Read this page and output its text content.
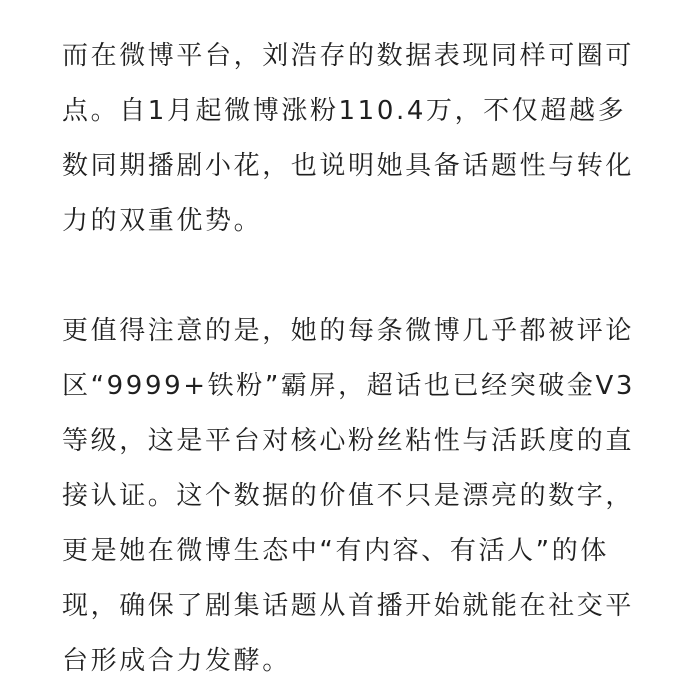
而在微博平台，刘浩存的数据表现同样可圈可点。自1月起微博涨粉110.4万，不仅超越多数同期播剧小花，也说明她具备话题性与转化力的双重优势。

更值得注意的是，她的每条微博几乎都被评论区“9999+铁粉”霸屏，超话也已经突破金V3等级，这是平台对核心粉丝粘性与活跃度的直接认证。这个数据的价值不只是漂亮的数字，更是她在微博生态中“有内容、有活人”的体现，确保了剧集话题从首播开始就能在社交平台形成合力发酵。
